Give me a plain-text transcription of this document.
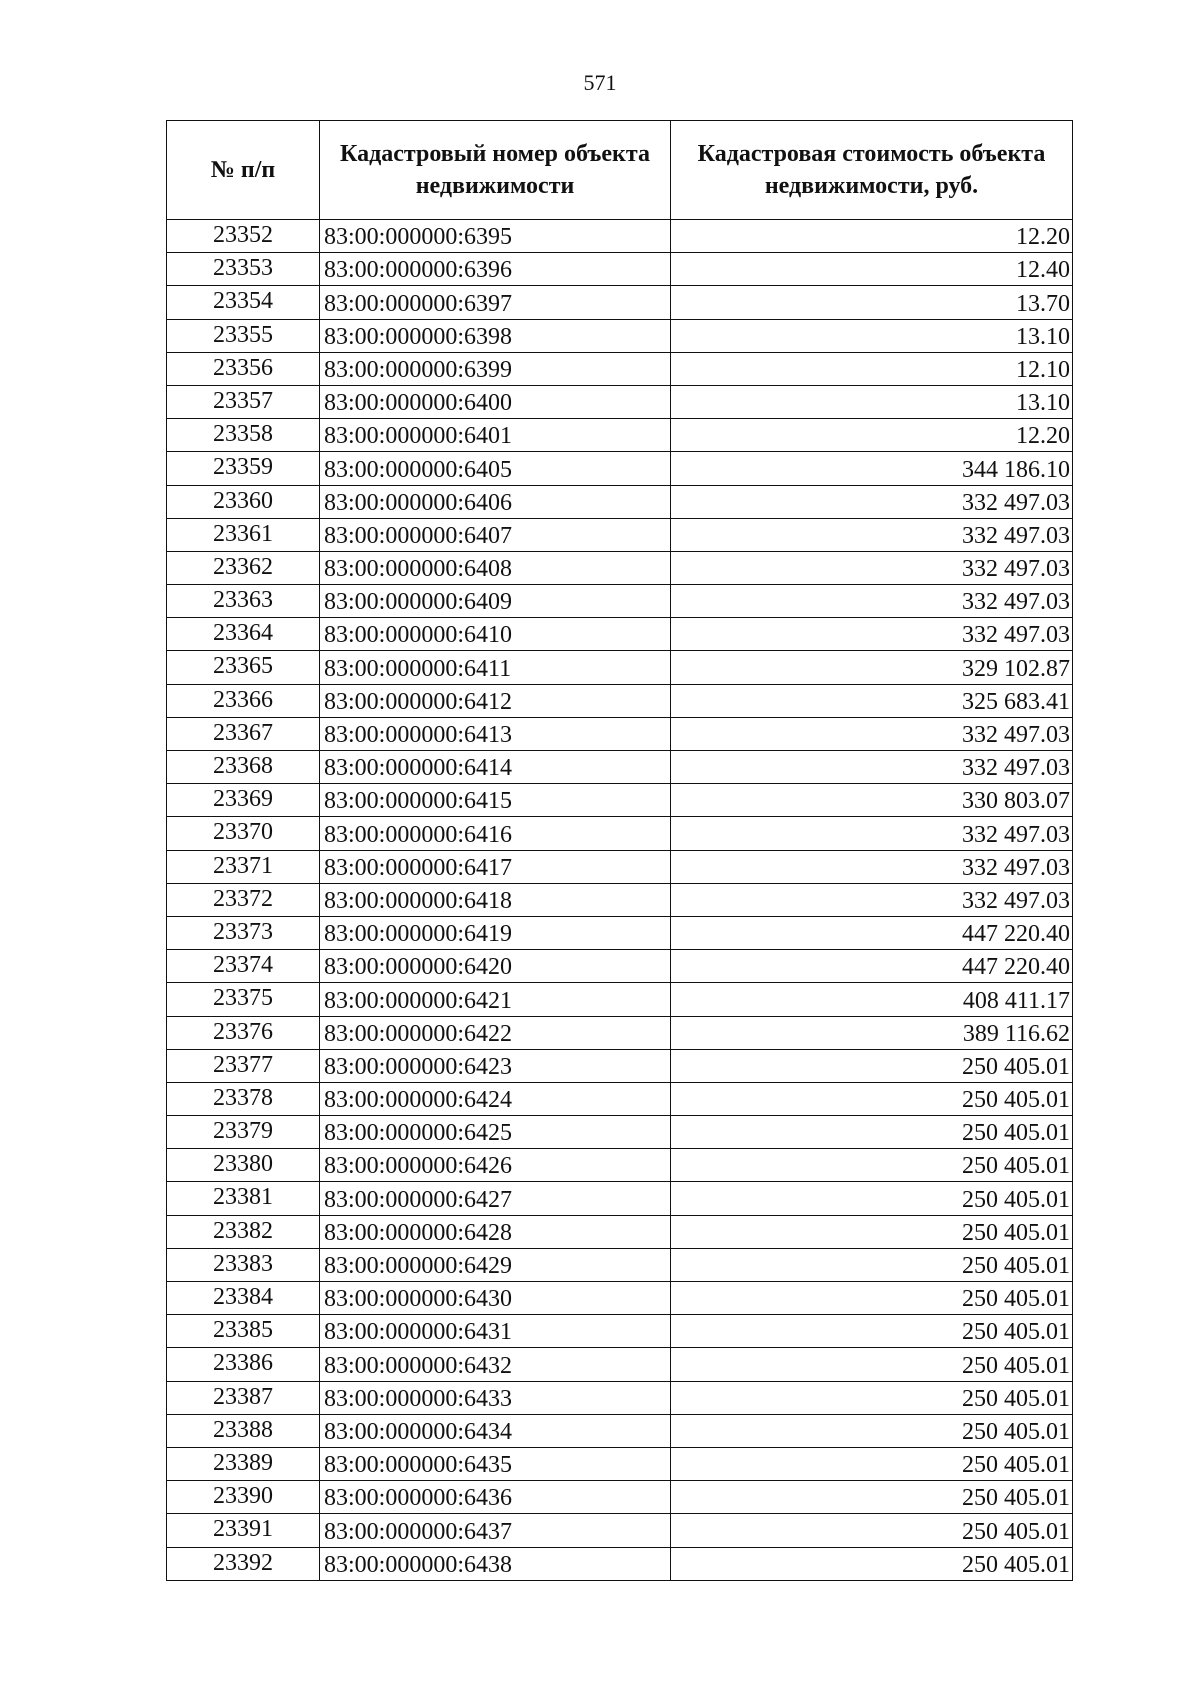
571
№ п/п	Кадастровый номер объекта недвижимости	Кадастровая стоимость объекта недвижимости, руб.
23352	83:00:000000:6395	12.20
23353	83:00:000000:6396	12.40
23354	83:00:000000:6397	13.70
23355	83:00:000000:6398	13.10
23356	83:00:000000:6399	12.10
23357	83:00:000000:6400	13.10
23358	83:00:000000:6401	12.20
23359	83:00:000000:6405	344 186.10
23360	83:00:000000:6406	332 497.03
23361	83:00:000000:6407	332 497.03
23362	83:00:000000:6408	332 497.03
23363	83:00:000000:6409	332 497.03
23364	83:00:000000:6410	332 497.03
23365	83:00:000000:6411	329 102.87
23366	83:00:000000:6412	325 683.41
23367	83:00:000000:6413	332 497.03
23368	83:00:000000:6414	332 497.03
23369	83:00:000000:6415	330 803.07
23370	83:00:000000:6416	332 497.03
23371	83:00:000000:6417	332 497.03
23372	83:00:000000:6418	332 497.03
23373	83:00:000000:6419	447 220.40
23374	83:00:000000:6420	447 220.40
23375	83:00:000000:6421	408 411.17
23376	83:00:000000:6422	389 116.62
23377	83:00:000000:6423	250 405.01
23378	83:00:000000:6424	250 405.01
23379	83:00:000000:6425	250 405.01
23380	83:00:000000:6426	250 405.01
23381	83:00:000000:6427	250 405.01
23382	83:00:000000:6428	250 405.01
23383	83:00:000000:6429	250 405.01
23384	83:00:000000:6430	250 405.01
23385	83:00:000000:6431	250 405.01
23386	83:00:000000:6432	250 405.01
23387	83:00:000000:6433	250 405.01
23388	83:00:000000:6434	250 405.01
23389	83:00:000000:6435	250 405.01
23390	83:00:000000:6436	250 405.01
23391	83:00:000000:6437	250 405.01
23392	83:00:000000:6438	250 405.01
